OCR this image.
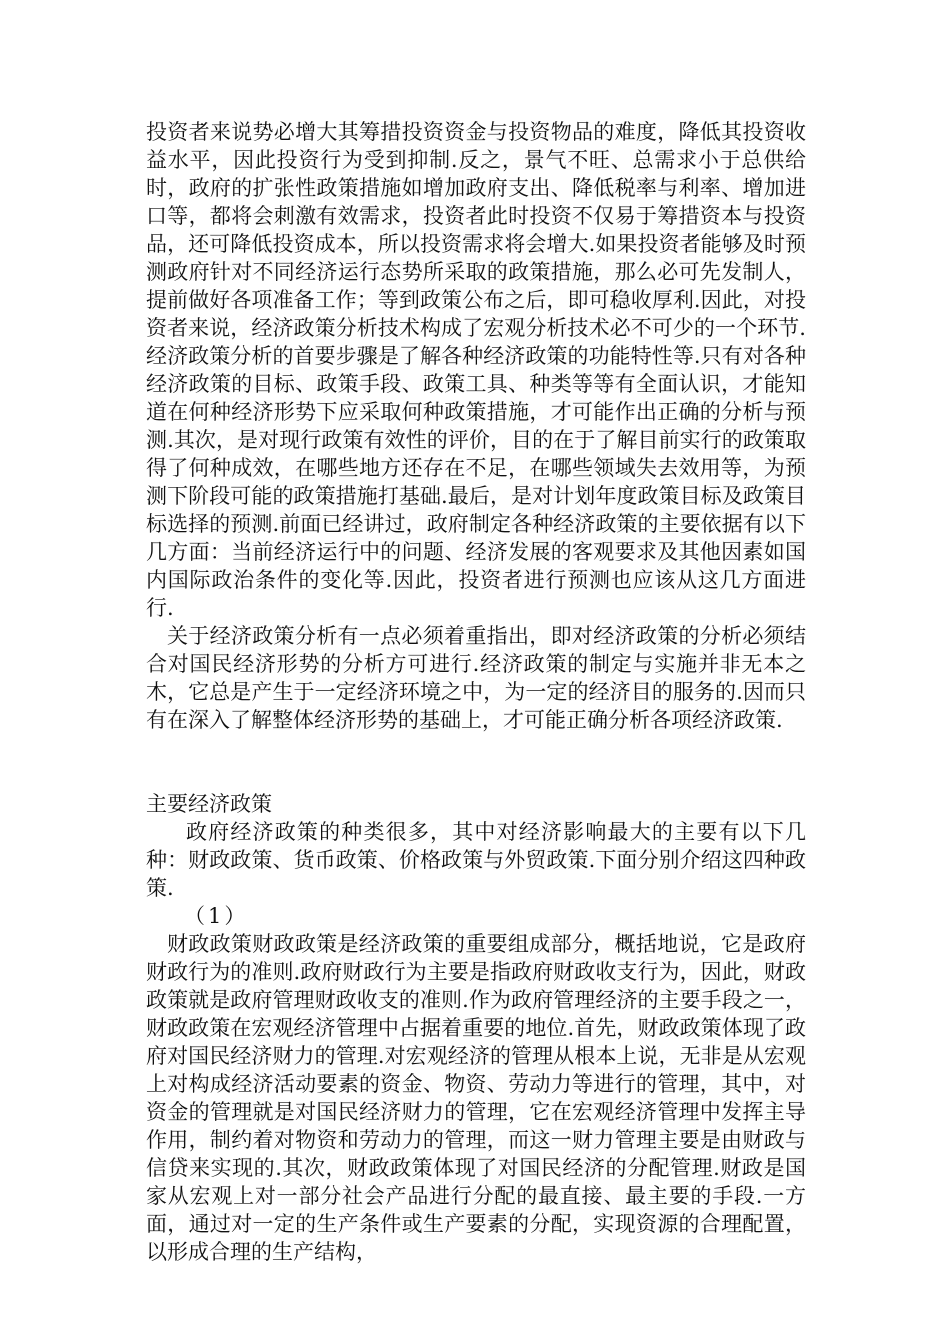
投资者来说势必增大其筹措投资资金与投资物品的难度，降低其投资收益水平，因此投资行为受到抑制.反之，景气不旺、总需求小于总供给时，政府的扩张性政策措施如增加政府支出、降低税率与利率、增加进口等，都将会刺激有效需求，投资者此时投资不仅易于筹措资本与投资品，还可降低投资成本，所以投资需求将会增大.如果投资者能够及时预测政府针对不同经济运行态势所采取的政策措施，那么必可先发制人，提前做好各项准备工作；等到政策公布之后，即可稳收厚利.因此，对投资者来说，经济政策分析技术构成了宏观分析技术必不可少的一个环节.经济政策分析的首要步骤是了解各种经济政策的功能特性等.只有对各种经济政策的目标、政策手段、政策工具、种类等等有全面认识，才能知道在何种经济形势下应采取何种政策措施，才可能作出正确的分析与预测.其次，是对现行政策有效性的评价，目的在于了解目前实行的政策取得了何种成效，在哪些地方还存在不足，在哪些领域失去效用等，为预测下阶段可能的政策措施打基础.最后，是对计划年度政策目标及政策目标选择的预测.前面已经讲过，政府制定各种经济政策的主要依据有以下几方面：当前经济运行中的问题、经济发展的客观要求及其他因素如国内国际政治条件的变化等.因此，投资者进行预测也应该从这几方面进行.

关于经济政策分析有一点必须着重指出，即对经济政策的分析必须结合对国民经济形势的分析方可进行.经济政策的制定与实施并非无本之木，它总是产生于一定经济环境之中，为一定的经济目的服务的.因而只有在深入了解整体经济形势的基础上，才可能正确分析各项经济政策.

主要经济政策

政府经济政策的种类很多，其中对经济影响最大的主要有以下几种：财政政策、货币政策、价格政策与外贸政策.下面分别介绍这四种政策.

（1）

财政政策财政政策是经济政策的重要组成部分，概括地说，它是政府财政行为的准则.政府财政行为主要是指政府财政收支行为，因此，财政政策就是政府管理财政收支的准则.作为政府管理经济的主要手段之一，财政政策在宏观经济管理中占据着重要的地位.首先，财政政策体现了政府对国民经济财力的管理.对宏观经济的管理从根本上说，无非是从宏观上对构成经济活动要素的资金、物资、劳动力等进行的管理，其中，对资金的管理就是对国民经济财力的管理，它在宏观经济管理中发挥主导作用，制约着对物资和劳动力的管理，而这一财力管理主要是由财政与信贷来实现的.其次，财政政策体现了对国民经济的分配管理.财政是国家从宏观上对一部分社会产品进行分配的最直接、最主要的手段.一方面，通过对一定的生产条件或生产要素的分配，实现资源的合理配置，以形成合理的生产结构，
